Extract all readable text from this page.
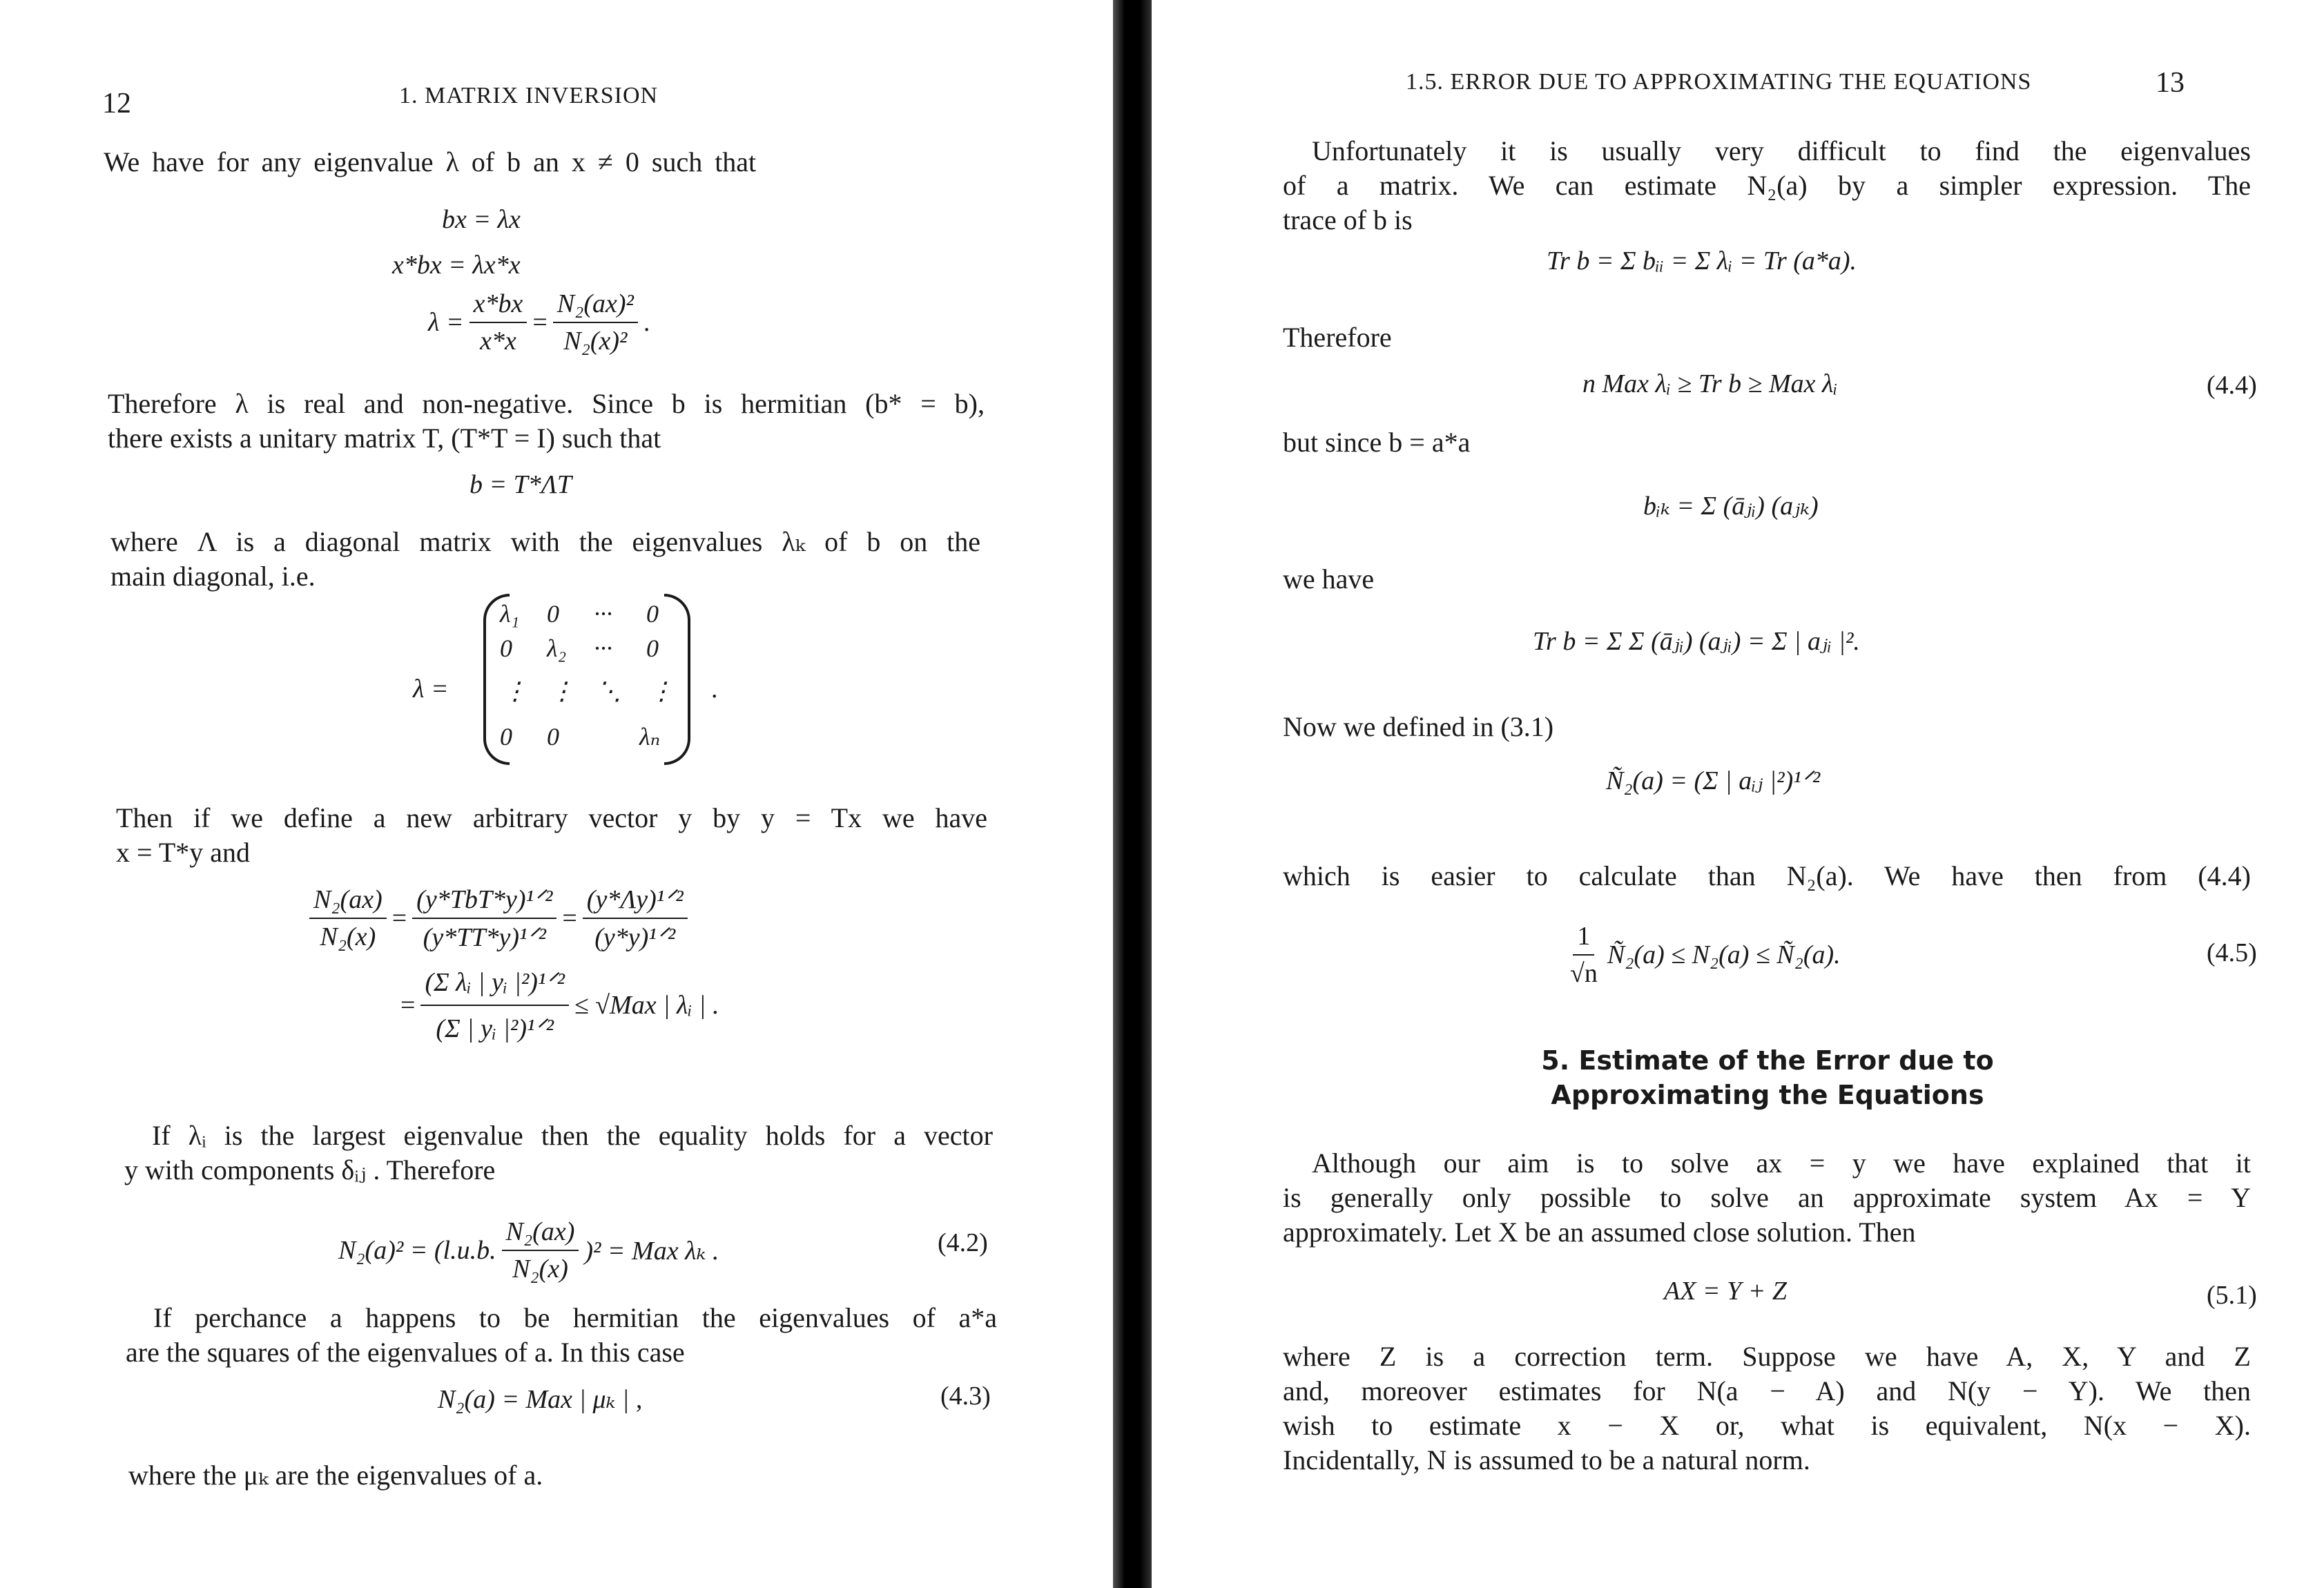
12	1. MATRIX INVERSION
We have for any eigenvalue λ of b an x ≠ 0 such that
bx = λx
x*bx = λx*x
$\lambda = \frac{x*bx}{x*x} = \frac{\text{N₂(ax)²}}{\text{N₂(x)²}}$ .
Therefore λ is real and non-negative. Since b is hermitian (b* = b),
there exists a unitary matrix T, (T*T = I) such that
b = T*ΛT
where Λ is a diagonal matrix with the eigenvalues λₖ of b on the
main diagonal, i.e.
λ =
λ₁ 0 ··· 0
0 λ₂ ··· 0
⋮ ⋮ ⋱ ⋮
0 0	λₙ
.
Then if we define a new arbitrary vector y by y = Tx we have
x = T*y and
$\frac{\text{N₂(ax)}}{\text{N₂(x)}} = \frac{\text{(y*TbT*y)¹ᐟ²}}{\text{(y*TT*y)¹ᐟ²}} = \frac{\text{(y*Λy)¹ᐟ²}}{\text{(y*y)¹ᐟ²}}$
= $\frac{\text{(Σ λᵢ | yᵢ |²)¹ᐟ²}}{\text{(Σ | yᵢ |²)¹ᐟ²}} \le √Max$ | λᵢ | .
If λᵢ is the largest eigenvalue then the equality holds for a vector
y with components δᵢⱼ . Therefore
N₂(a)² = (l.u.b. $\frac{\text{N₂(ax)}}{\text{N₂(x)}} )^2$ = Max λₖ .	(4.2)
If perchance a happens to be hermitian the eigenvalues of a*a
are the squares of the eigenvalues of a. In this case
N₂(a) = Max | μₖ | ,	(4.3)
where the μₖ are the eigenvalues of a.
1.5. ERROR DUE TO APPROXIMATING THE EQUATIONS	13
Unfortunately it is usually very difficult to find the eigenvalues
of a matrix. We can estimate N₂(a) by a simpler expression. The
trace of b is
Tr b = Σ bᵢᵢ = Σ λᵢ = Tr (a*a).
Therefore
n Max λᵢ ≥ Tr b ≥ Max λᵢ	(4.4)
but since b = a*a
bᵢₖ = Σ (āⱼᵢ) (aⱼₖ)
we have
Tr b = Σ Σ (āⱼᵢ) (aⱼᵢ) = Σ | aⱼᵢ |².
Now we defined in (3.1)
Ñ₂(a) = (Σ | aᵢⱼ |²)¹ᐟ²
which is easier to calculate than N₂(a). We have then from (4.4)
$\frac{1}{√n}$ Ñ₂(a) ≤ N₂(a) ≤ Ñ₂(a).	(4.5)
5. Estimate of the Error due to
Approximating the Equations
Although our aim is to solve ax = y we have explained that it
is generally only possible to solve an approximate system Ax = Y
approximately. Let X be an assumed close solution. Then
AX = Y + Z	(5.1)
where Z is a correction term. Suppose we have A, X, Y and Z
and, moreover estimates for N(a − A) and N(y − Y). We then
wish to estimate x − X or, what is equivalent, N(x − X).
Incidentally, N is assumed to be a natural norm.
